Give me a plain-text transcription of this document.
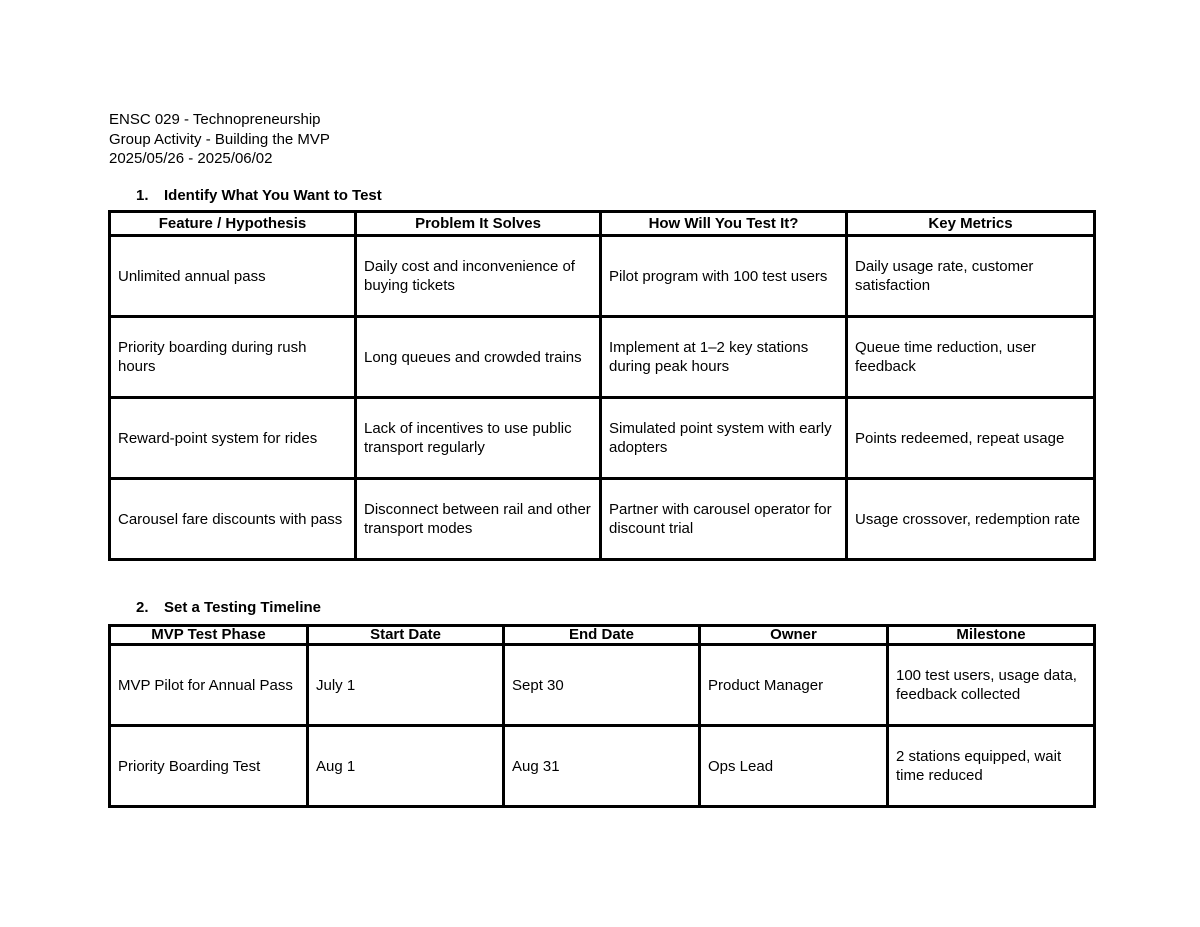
ENSC 029 - Technopreneurship
Group Activity - Building the MVP
2025/05/26 - 2025/06/02
1. Identify What You Want to Test
Feature / Hypothesis	Problem It Solves	How Will You Test It?	Key Metrics
Unlimited annual pass	Daily cost and inconvenience of buying tickets	Pilot program with 100 test users	Daily usage rate, customer satisfaction
Priority boarding during rush hours	Long queues and crowded trains	Implement at 1–2 key stations during peak hours	Queue time reduction, user feedback
Reward-point system for rides	Lack of incentives to use public transport regularly	Simulated point system with early adopters	Points redeemed, repeat usage
Carousel fare discounts with pass	Disconnect between rail and other transport modes	Partner with carousel operator for discount trial	Usage crossover, redemption rate
2. Set a Testing Timeline
MVP Test Phase	Start Date	End Date	Owner	Milestone
MVP Pilot for Annual Pass	July 1	Sept 30	Product Manager	100 test users, usage data, feedback collected
Priority Boarding Test	Aug 1	Aug 31	Ops Lead	2 stations equipped, wait time reduced
